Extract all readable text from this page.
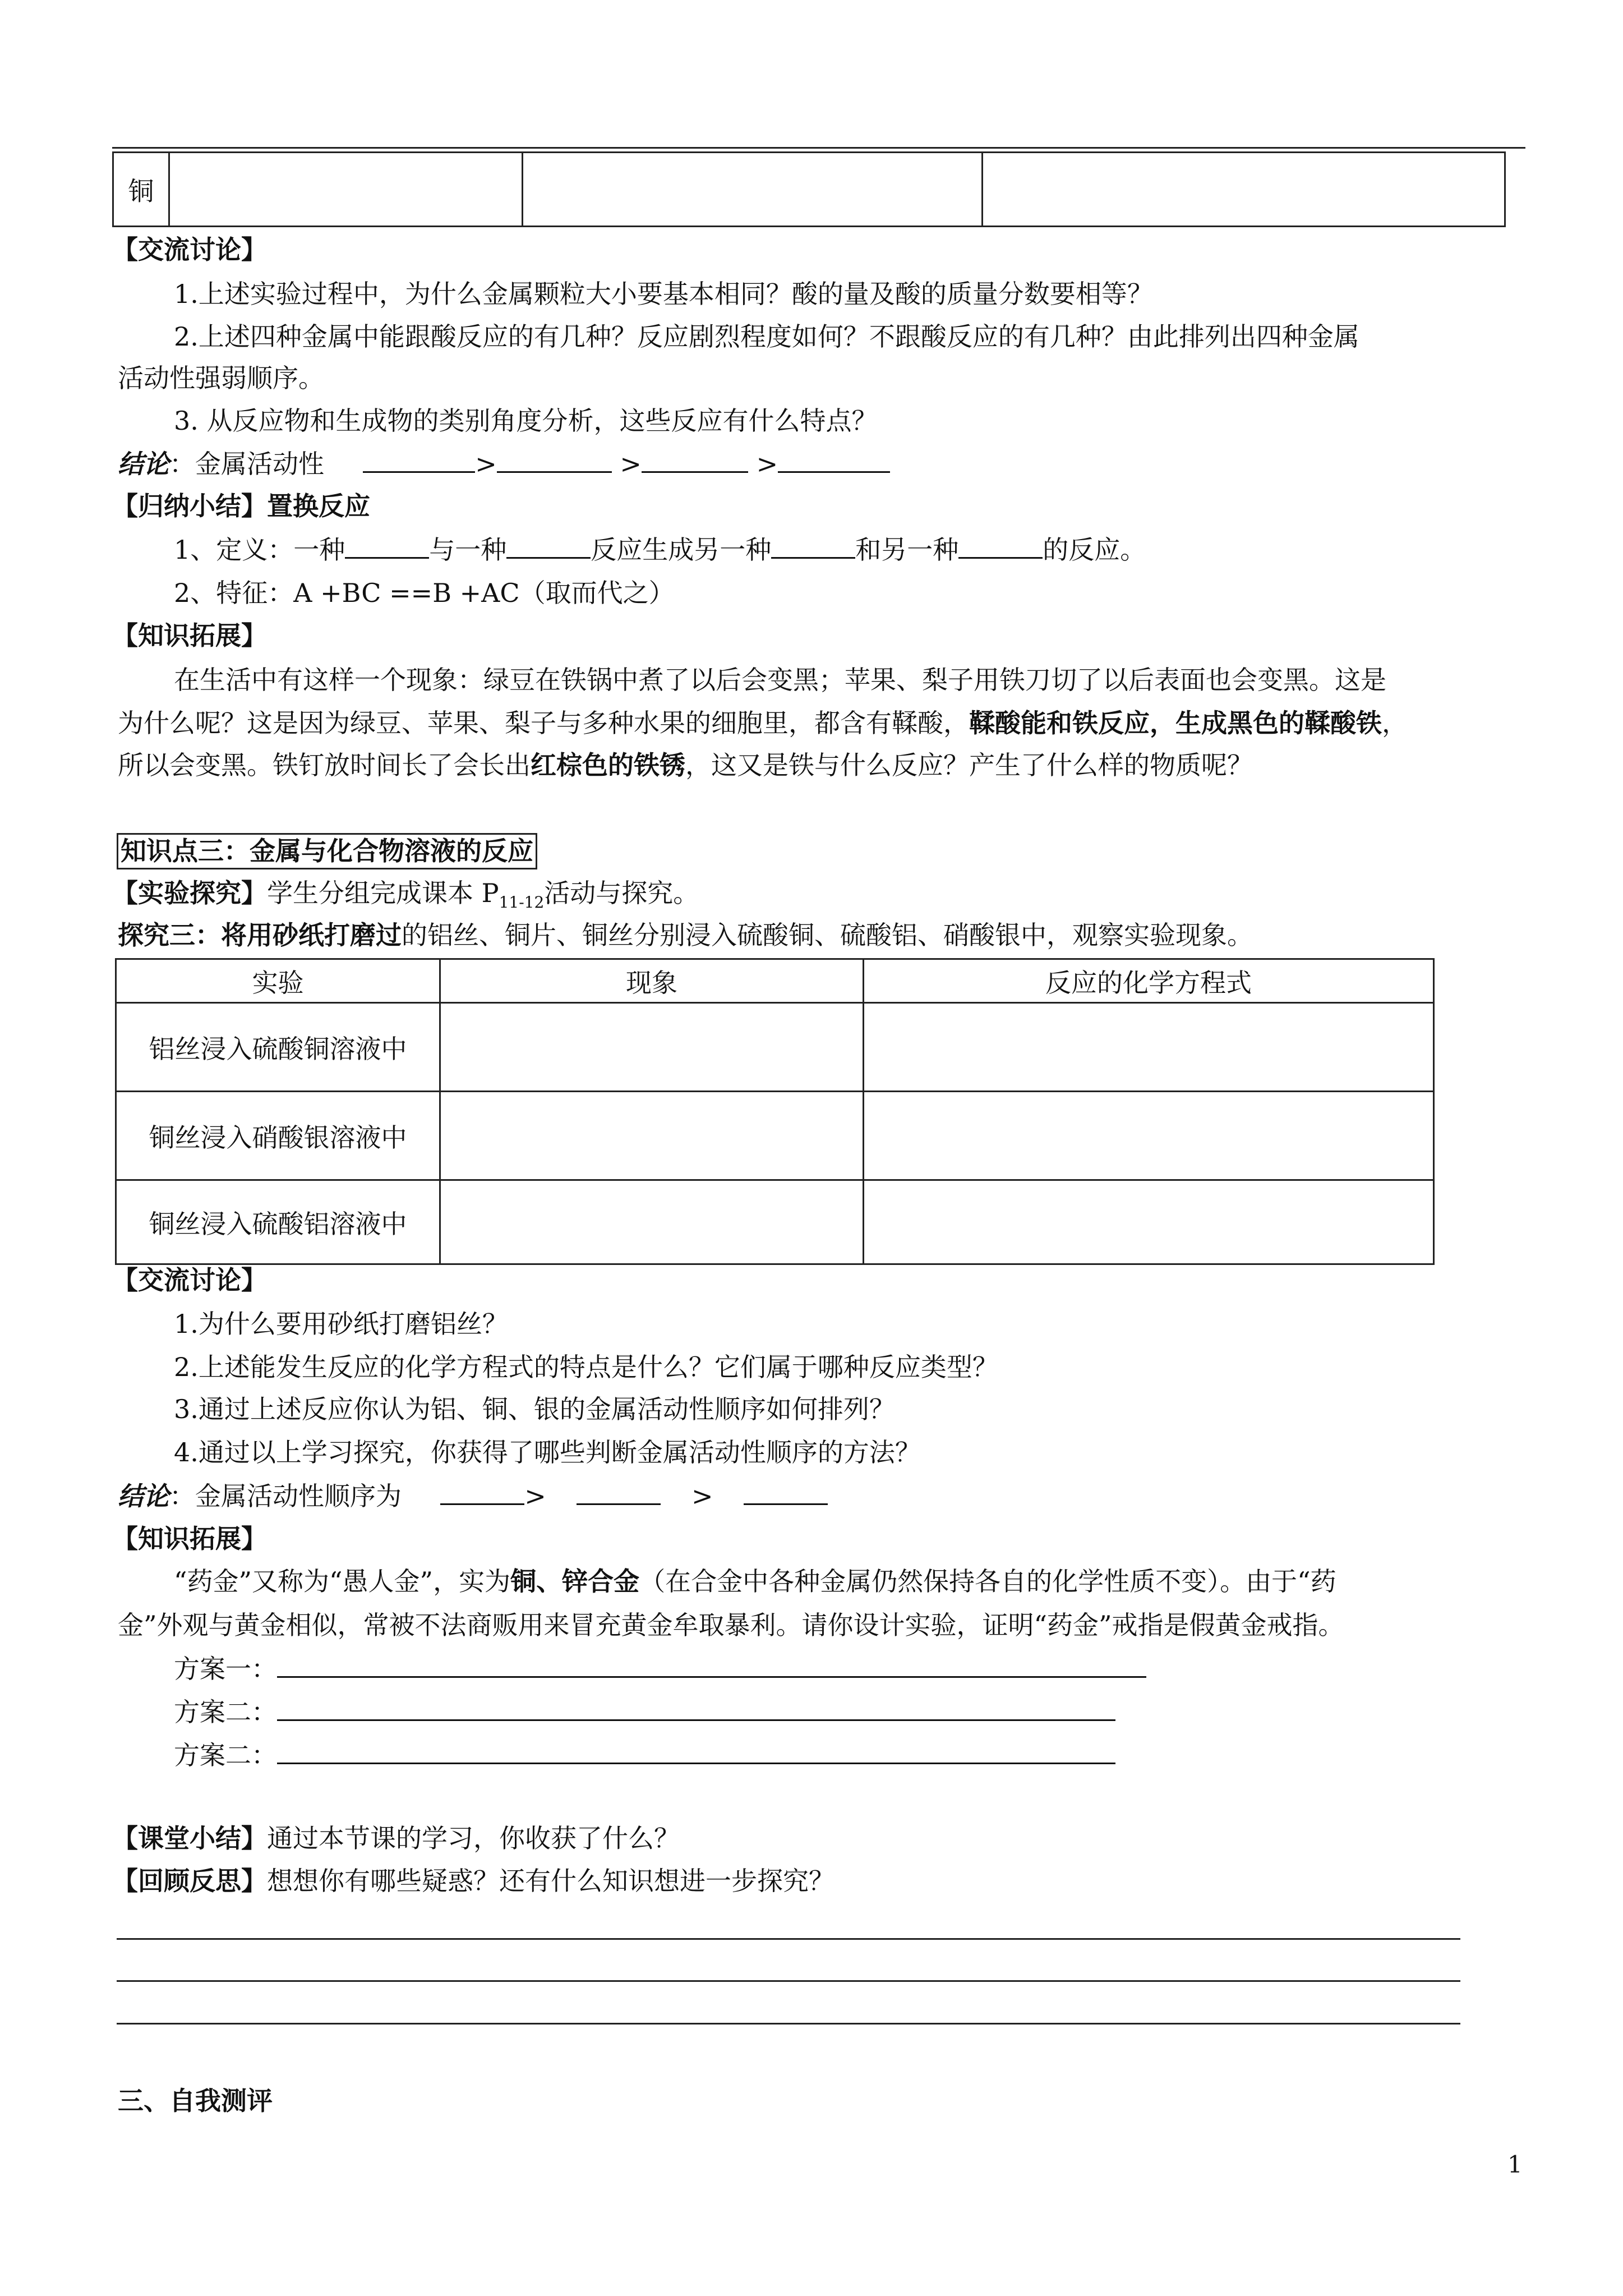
铜			
【交流讨论】
1.上述实验过程中，为什么金属颗粒大小要基本相同？酸的量及酸的质量分数要相等？
2.上述四种金属中能跟酸反应的有几种？反应剧烈程度如何？不跟酸反应的有几种？由此排列出四种金属
活动性强弱顺序。
3. 从反应物和生成物的类别角度分析，这些反应有什么特点？
结论：金属活动性	>	>	>
【归纳小结】置换反应
1、定义：一种	与一种	反应生成另一种	和另一种	的反应。
2、特征：A +BC ==B +AC（取而代之）
【知识拓展】
在生活中有这样一个现象：绿豆在铁锅中煮了以后会变黑；苹果、梨子用铁刀切了以后表面也会变黑。这是
为什么呢？这是因为绿豆、苹果、梨子与多种水果的细胞里，都含有鞣酸，鞣酸能和铁反应，生成黑色的鞣酸铁，
所以会变黑。铁钉放时间长了会长出红棕色的铁锈，这又是铁与什么反应？产生了什么样的物质呢？
知识点三：金属与化合物溶液的反应
【实验探究】学生分组完成课本 $P_{11-12}$活动与探究。
探究三：将用砂纸打磨过的铝丝、铜片、铜丝分别浸入硫酸铜、硫酸铝、硝酸银中，观察实验现象。
实验	现象	反应的化学方程式
铝丝浸入硫酸铜溶液中		
铜丝浸入硝酸银溶液中		
铜丝浸入硫酸铝溶液中		
【交流讨论】
1.为什么要用砂纸打磨铝丝？
2.上述能发生反应的化学方程式的特点是什么？它们属于哪种反应类型？
3.通过上述反应你认为铝、铜、银的金属活动性顺序如何排列？
4.通过以上学习探究，你获得了哪些判断金属活动性顺序的方法？
结论：金属活动性顺序为	>	>
【知识拓展】
“药金”又称为“愚人金”，实为铜、锌合金（在合金中各种金属仍然保持各自的化学性质不变）。由于“药
金”外观与黄金相似，常被不法商贩用来冒充黄金牟取暴利。请你设计实验，证明“药金”戒指是假黄金戒指。
方案一：
方案二：
方案二：
【课堂小结】通过本节课的学习，你收获了什么？
【回顾反思】想想你有哪些疑惑？还有什么知识想进一步探究？
三、自我测评
1
